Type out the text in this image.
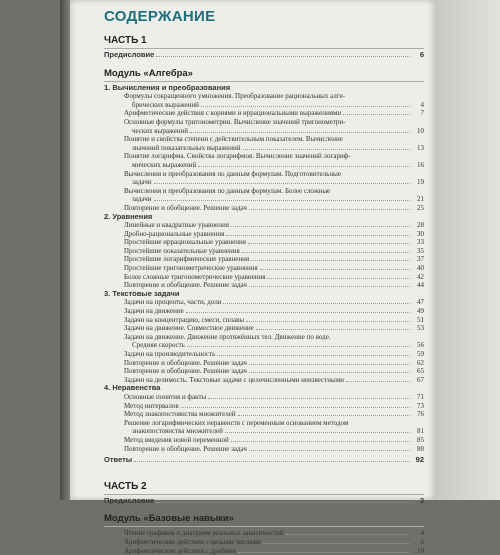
СОДЕРЖАНИЕ
ЧАСТЬ 1
Предисловие	6
Модуль «Алгебра»
1. Вычисления и преобразования
Формулы сокращенного умножения. Преобразование рациональных алге-
брических выражений	4
Арифметические действия с корнями и иррациональными выражениями	7
Основные формулы тригонометрии. Вычисление значений тригонометри-
ческих выражений	10
Понятие и свойства степени с действительным показателем. Вычисление
значений показательных выражений	13
Понятие логарифма. Свойства логарифмов. Вычисление значений логариф-
мических выражений	16
Вычисления и преобразования по данным формулам. Подготовительные
задачи	19
Вычисления и преобразования по данным формулам. Более сложные
задачи	21
Повторение и обобщение. Решение задач	25
2. Уравнения
Линейные и квадратные уравнения	28
Дробно-рациональные уравнения	30
Простейшие иррациональные уравнения	33
Простейшие показательные уравнения	35
Простейшие логарифмические уравнения	37
Простейшие тригонометрические уравнения	40
Более сложные тригонометрические уравнения	42
Повторение и обобщение. Решение задач	44
3. Текстовые задачи
Задачи на проценты, части, доли	47
Задачи на движение	49
Задачи на концентрацию, смеси, сплавы	51
Задачи на движение. Совместное движение	53
Задачи на движение. Движение протяжённых тел. Движение по воде.
Средняя скорость	56
Задачи на производительность	59
Повторение и обобщение. Решение задач	62
Повторение и обобщение. Решение задач	65
Задачи на делимость. Текстовые задачи с целочисленными неизвестными	67
4. Неравенства
Основные понятия и факты	71
Метод интервалов	73
Метод знакопостоянства множителей	76
Решение логарифмических неравенств с переменным основанием методом
знакопостоянства множителей	81
Метод введения новой переменной	85
Повторение и обобщение. Решение задач	88
Ответы	92
ЧАСТЬ 2
Предисловие	3
Модуль «Базовые навыки»
Чтение графиков и диаграмм реальных зависимостей	4
Арифметические действия с целыми числами	6
Арифметические действия с дробями	10
